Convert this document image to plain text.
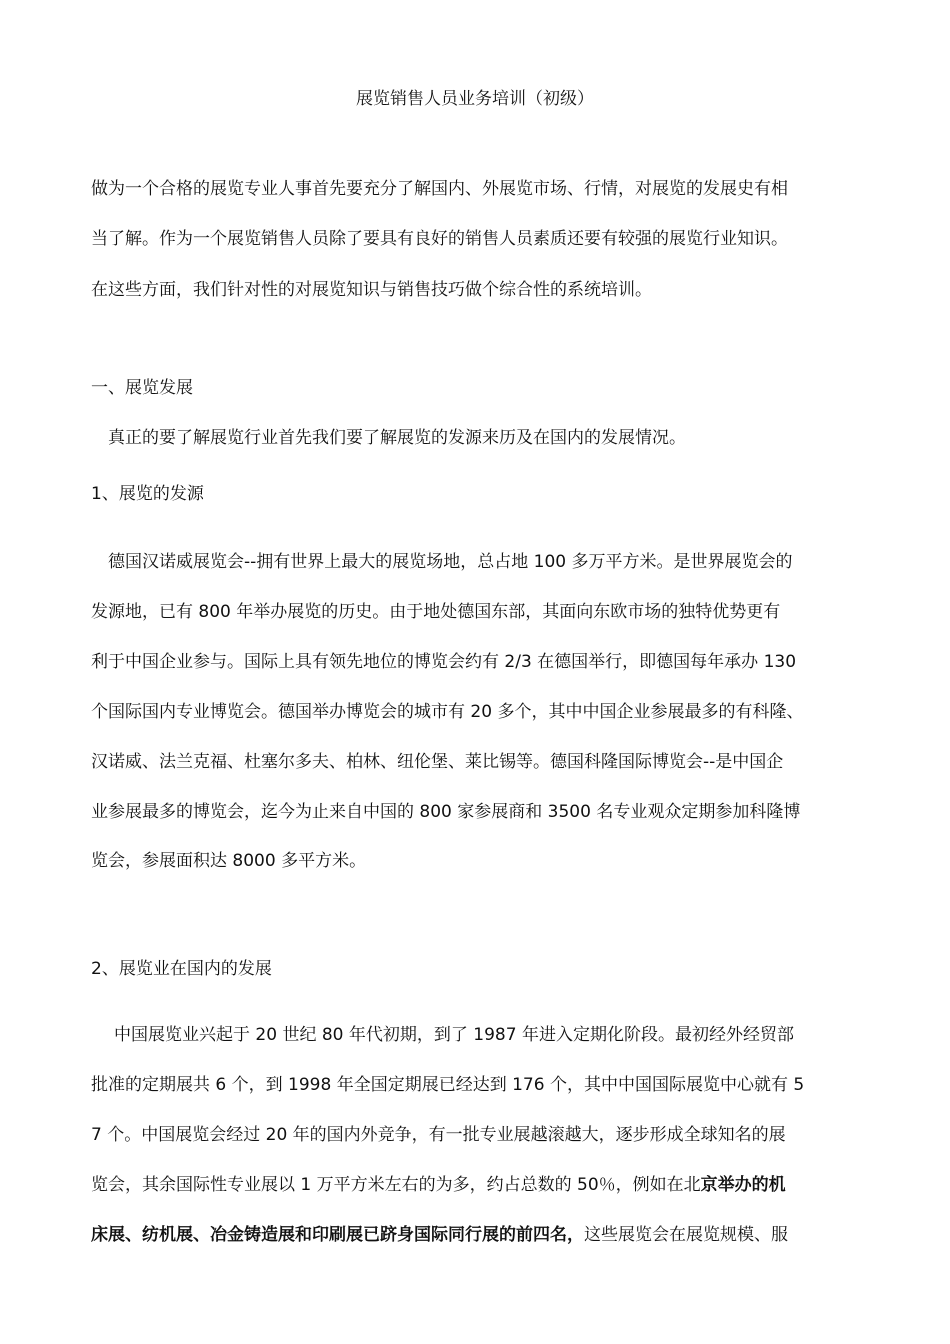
展览销售人员业务培训（初级）
做为一个合格的展览专业人事首先要充分了解国内、外展览市场、行情，对展览的发展史有相
当了解。作为一个展览销售人员除了要具有良好的销售人员素质还要有较强的展览行业知识。
在这些方面，我们针对性的对展览知识与销售技巧做个综合性的系统培训。
一、展览发展
真正的要了解展览行业首先我们要了解展览的发源来历及在国内的发展情况。
1、展览的发源
德国汉诺威展览会--拥有世界上最大的展览场地，总占地 100 多万平方米。是世界展览会的
发源地，已有 800 年举办展览的历史。由于地处德国东部，其面向东欧市场的独特优势更有
利于中国企业参与。国际上具有领先地位的博览会约有 2/3 在德国举行，即德国每年承办 130
个国际国内专业博览会。德国举办博览会的城市有 20 多个，其中中国企业参展最多的有科隆、
汉诺威、法兰克福、杜塞尔多夫、柏林、纽伦堡、莱比锡等。德国科隆国际博览会--是中国企
业参展最多的博览会，迄今为止来自中国的 800 家参展商和 3500 名专业观众定期参加科隆博
览会，参展面积达 8000 多平方米。
2、展览业在国内的发展
中国展览业兴起于 20 世纪 80 年代初期，到了 1987 年进入定期化阶段。最初经外经贸部
批准的定期展共 6 个，到 1998 年全国定期展已经达到 176 个，其中中国国际展览中心就有 5
7 个。中国展览会经过 20 年的国内外竞争，有一批专业展越滚越大，逐步形成全球知名的展
览会，其余国际性专业展以 1 万平方米左右的为多，约占总数的 50％，例如在北京举办的机
床展、纺机展、冶金铸造展和印刷展已跻身国际同行展的前四名，这些展览会在展览规模、服
